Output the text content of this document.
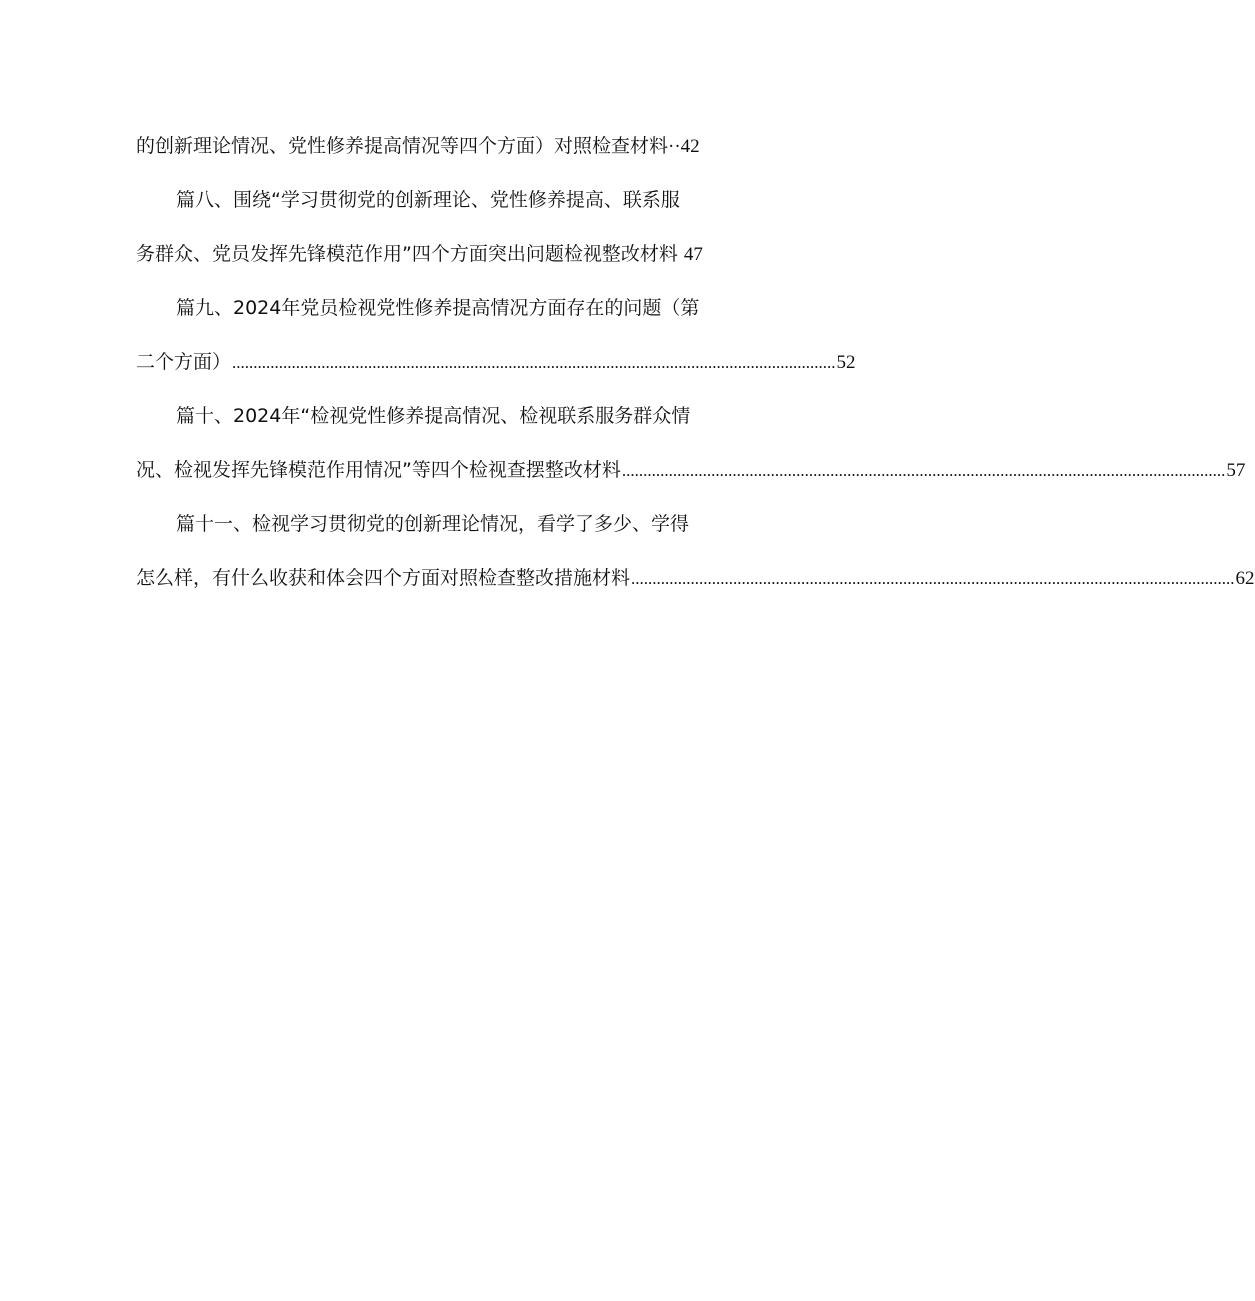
的创新理论情况、党性修养提高情况等四个方面）对照检查材料 ·· 42
篇八、围绕“学习贯彻党的创新理论、党性修养提高、联系服
务群众、党员发挥先锋模范作用”四个方面突出问题检视整改材料
47
篇九、2024年党员检视党性修养提高情况方面存在的问题（第
二个方面） .............................................................................................................................................. 52
篇十、2024年“检视党性修养提高情况、检视联系服务群众情
况、检视发挥先锋模范作用情况”等四个检视查摆整改材料 .............................................................................................................................................. 57
篇十一、检视学习贯彻党的创新理论情况，看学了多少、学得
怎么样，有什么收获和体会四个方面对照检查整改措施材料 .............................................................................................................................................. 62
